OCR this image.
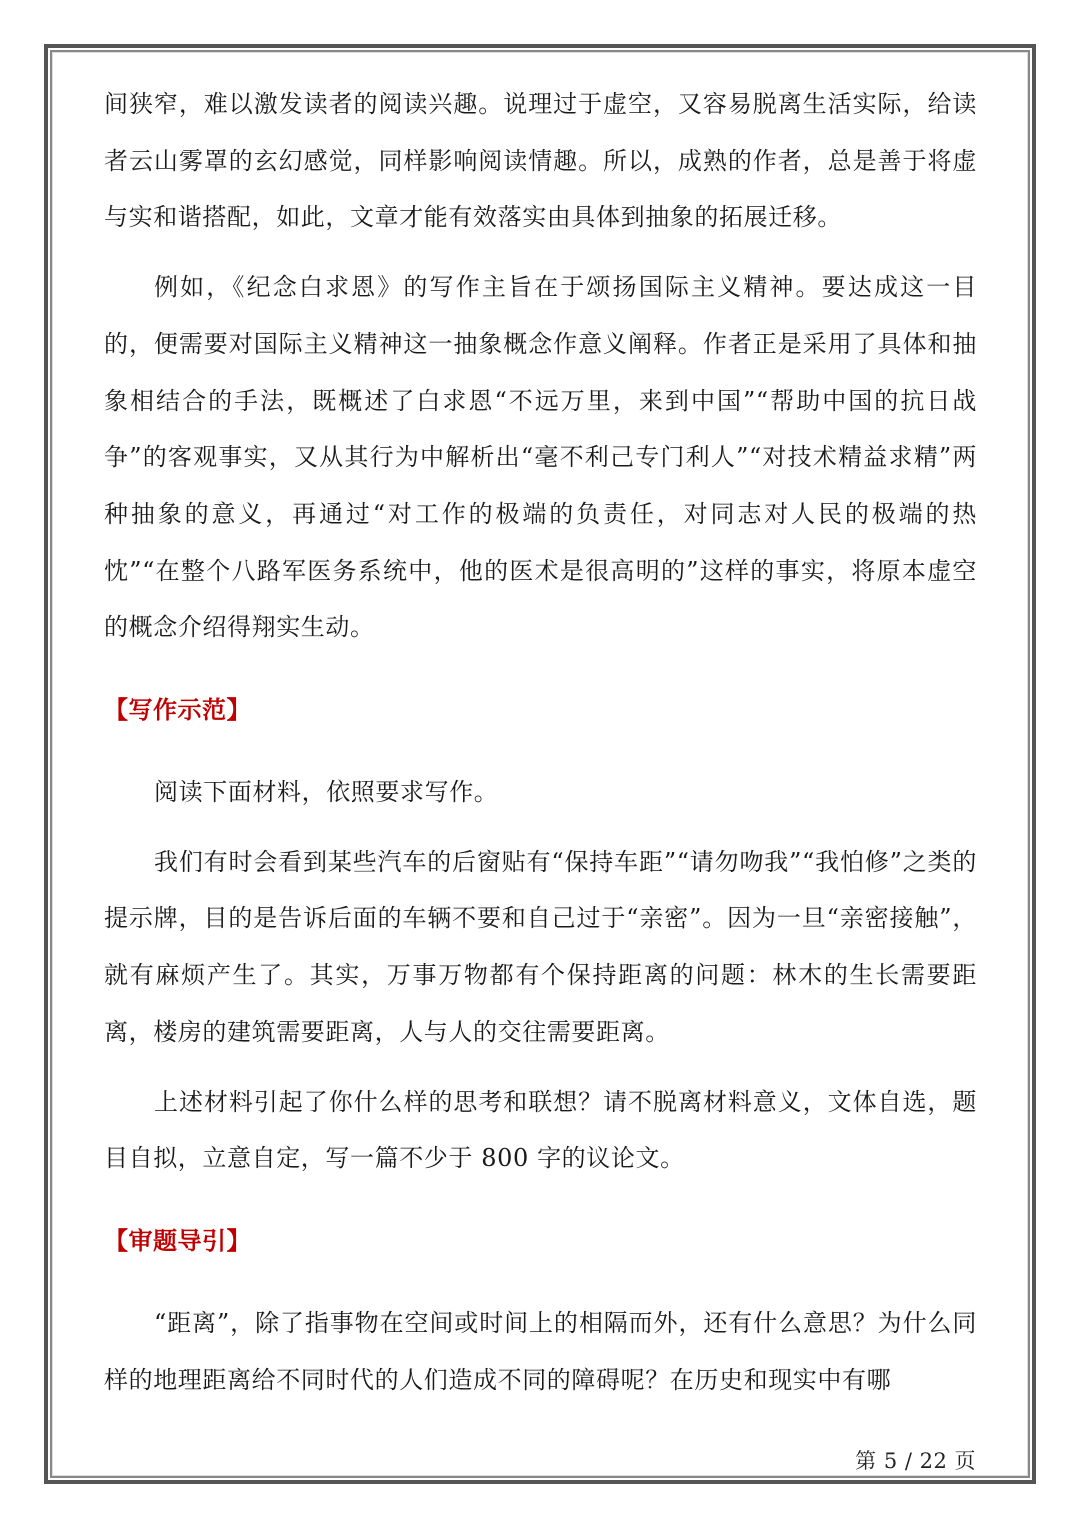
间狭窄，难以激发读者的阅读兴趣。说理过于虚空，又容易脱离生活实际，给读者云山雾罩的玄幻感觉，同样影响阅读情趣。所以，成熟的作者，总是善于将虚与实和谐搭配，如此，文章才能有效落实由具体到抽象的拓展迁移。

例如，《纪念白求恩》的写作主旨在于颂扬国际主义精神。要达成这一目的，便需要对国际主义精神这一抽象概念作意义阐释。作者正是采用了具体和抽象相结合的手法，既概述了白求恩“不远万里，来到中国”“帮助中国的抗日战争”的客观事实，又从其行为中解析出“毫不利己专门利人”“对技术精益求精”两种抽象的意义，再通过“对工作的极端的负责任，对同志对人民的极端的热忱”“在整个八路军医务系统中，他的医术是很高明的”这样的事实，将原本虚空的概念介绍得翔实生动。

【写作示范】

阅读下面材料，依照要求写作。

我们有时会看到某些汽车的后窗贴有“保持车距”“请勿吻我”“我怕修”之类的提示牌，目的是告诉后面的车辆不要和自己过于“亲密”。因为一旦“亲密接触”，就有麻烦产生了。其实，万事万物都有个保持距离的问题：林木的生长需要距离，楼房的建筑需要距离，人与人的交往需要距离。

上述材料引起了你什么样的思考和联想？请不脱离材料意义，文体自选，题目自拟，立意自定，写一篇不少于 800 字的议论文。

【审题导引】

“距离”，除了指事物在空间或时间上的相隔而外，还有什么意思？为什么同样的地理距离给不同时代的人们造成不同的障碍呢？在历史和现实中有哪

第 5 / 22 页
